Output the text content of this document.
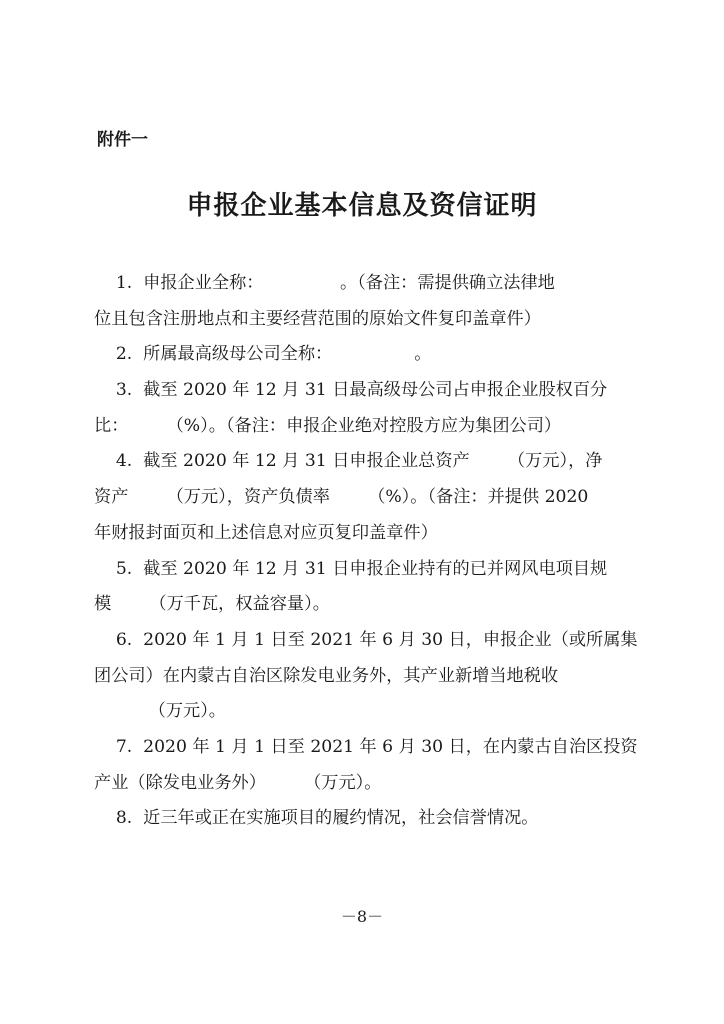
附件一

申报企业基本信息及资信证明
1.  申报企业全称：              。（备注：需提供确立法律地
位且包含注册地点和主要经营范围的原始文件复印盖章件）
2.  所属最高级母公司全称：               。
3.  截至 2020 年 12 月 31 日最高级母公司占申报企业股权百分
比：       （%）。（备注：申报企业绝对控股方应为集团公司）
4.  截至 2020 年 12 月 31 日申报企业总资产       （万元），净
资产       （万元），资产负债率       （%）。（备注：并提供 2020
年财报封面页和上述信息对应页复印盖章件）
5.  截至 2020 年 12 月 31 日申报企业持有的已并网风电项目规
模       （万千瓦，权益容量）。
6.  2020 年 1 月 1 日至 2021 年 6 月 30 日，申报企业（或所属集
团公司）在内蒙古自治区除发电业务外，其产业新增当地税收
（万元）。
7.  2020 年 1 月 1 日至 2021 年 6 月 30 日，在内蒙古自治区投资
产业（除发电业务外）       （万元）。
8.  近三年或正在实施项目的履约情况，社会信誉情况。

－8－
